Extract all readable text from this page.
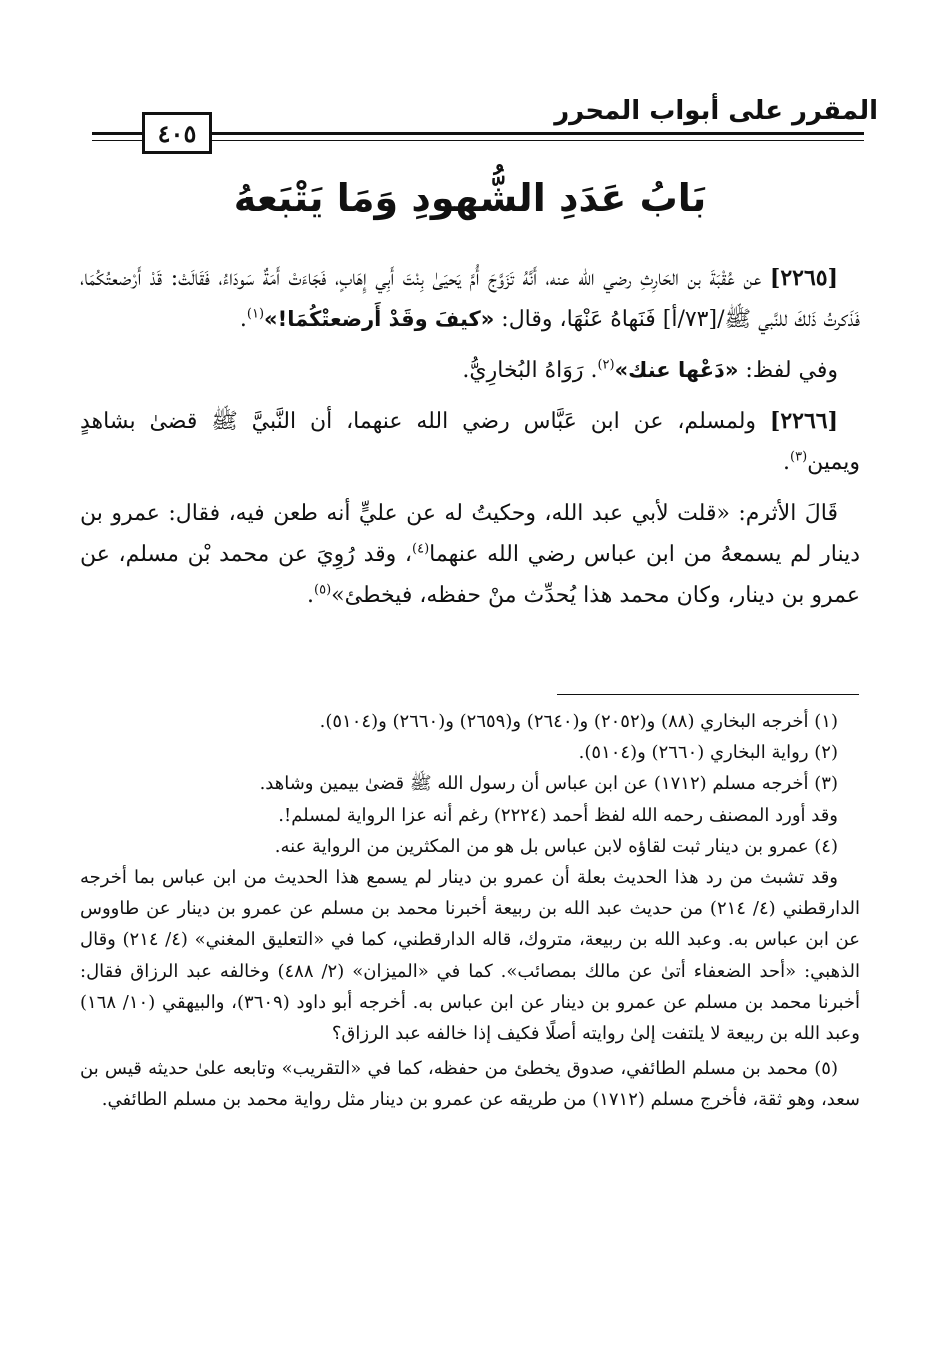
المقرر على أبواب المحرر
٤٠٥
بَابُ عَدَدِ الشُّهودِ وَمَا يَتْبَعهُ

[٢٢٦٥] عن عُقْبَةَ بن الحَارِثِ رضي الله عنه، أَنَّهُ تَزَوَّجَ أُمَّ يَحيَىٰ بِنْتَ أَبِي إِهَابٍ، فَجَاءَتْ أَمَةٌ سَودَاءُ، فَقَالَتْ: قَدْ أَرْضعتُكُمَا، فَذَكرتُ ذَلكَ للنَّبي ﷺ/[٧٣/أ] فَنَهاهُ عَنْهَا، وقال: «كيفَ وقَدْ أَرضعتْكُمَا!»$^{(١)}$.

وفي لفظ: «دَعْها عنك»$^{(٢)}$. رَوَاهُ البُخارِيُّ.

[٢٢٦٦] ولمسلم، عن ابن عَبَّاس رضي الله عنهما، أن النَّبيَّ ﷺ قضىٰ بشاهدٍ ويمين$^{(٣)}$.

قَالَ الأثرم: «قلت لأبي عبد الله، وحكيتُ له عن عليٍّ أنه طعن فيه، فقال: عمرو بن دينار لم يسمعهُ من ابن عباس رضي الله عنهما$^{(٤)}$، وقد رُوِيَ عن محمد بْن مسلم، عن عمرو بن دينار، وكان محمد هذا يُحدِّث منْ حفظه، فيخطئ»$^{(٥)}$.

(١) أخرجه البخاري (٨٨) و(٢٠٥٢) و(٢٦٤٠) و(٢٦٥٩) و(٢٦٦٠) و(٥١٠٤).

(٢) رواية البخاري (٢٦٦٠) و(٥١٠٤).

(٣) أخرجه مسلم (١٧١٢) عن ابن عباس أن رسول الله ﷺ قضىٰ بيمين وشاهد.

وقد أورد المصنف رحمه الله لفظ أحمد (٢٢٢٤) رغم أنه عزا الرواية لمسلم!.

(٤) عمرو بن دينار ثبت لقاؤه لابن عباس بل هو من المكثرين من الرواية عنه.

وقد تشبث من رد هذا الحديث بعلة أن عمرو بن دينار لم يسمع هذا الحديث من ابن عباس بما أخرجه الدارقطني (٤/ ٢١٤) من حديث عبد الله بن ربيعة أخبرنا محمد بن مسلم عن عمرو بن دينار عن طاووس عن ابن عباس به. وعبد الله بن ربيعة، متروك، قاله الدارقطني، كما في «التعليق المغني» (٤/ ٢١٤) وقال الذهبي: «أحد الضعفاء أتىٰ عن مالك بمصائب». كما في «الميزان» (٢/ ٤٨٨) وخالفه عبد الرزاق فقال: أخبرنا محمد بن مسلم عن عمرو بن دينار عن ابن عباس به. أخرجه أبو داود (٣٦٠٩)، والبيهقي (١٠/ ١٦٨) وعبد الله بن ربيعة لا يلتفت إلىٰ روايته أصلًا فكيف إذا خالفه عبد الرزاق؟

(٥) محمد بن مسلم الطائفي، صدوق يخطئ من حفظه، كما في «التقريب» وتابعه علىٰ حديثه قيس بن سعد، وهو ثقة، فأخرج مسلم (١٧١٢) من طريقه عن عمرو بن دينار مثل رواية محمد بن مسلم الطائفي.
